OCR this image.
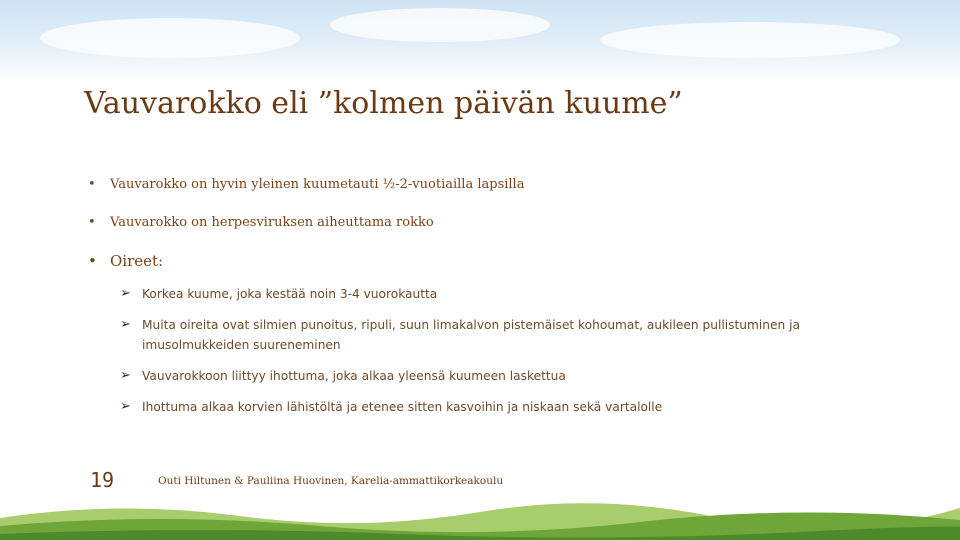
Vauvarokko eli ”kolmen päivän kuume”
• Vauvarokko on hyvin yleinen kuumetauti ½-2-vuotiailla lapsilla
• Vauvarokko on herpesviruksen aiheuttama rokko
• Oireet:
➢ Korkea kuume, joka kestää noin 3-4 vuorokautta
➢ Muita oireita ovat silmien punoitus, ripuli, suun limakalvon pistemäiset kohoumat, aukileen pullistuminen ja imusolmukkeiden suureneminen
➢ Vauvarokkoon liittyy ihottuma, joka alkaa yleensä kuumeen laskettua
➢ Ihottuma alkaa korvien lähistöltä ja etenee sitten kasvoihin ja niskaan sekä vartalolle
19	Outi Hiltunen & Pauliina Huovinen, Karelia-ammattikorkeakoulu
